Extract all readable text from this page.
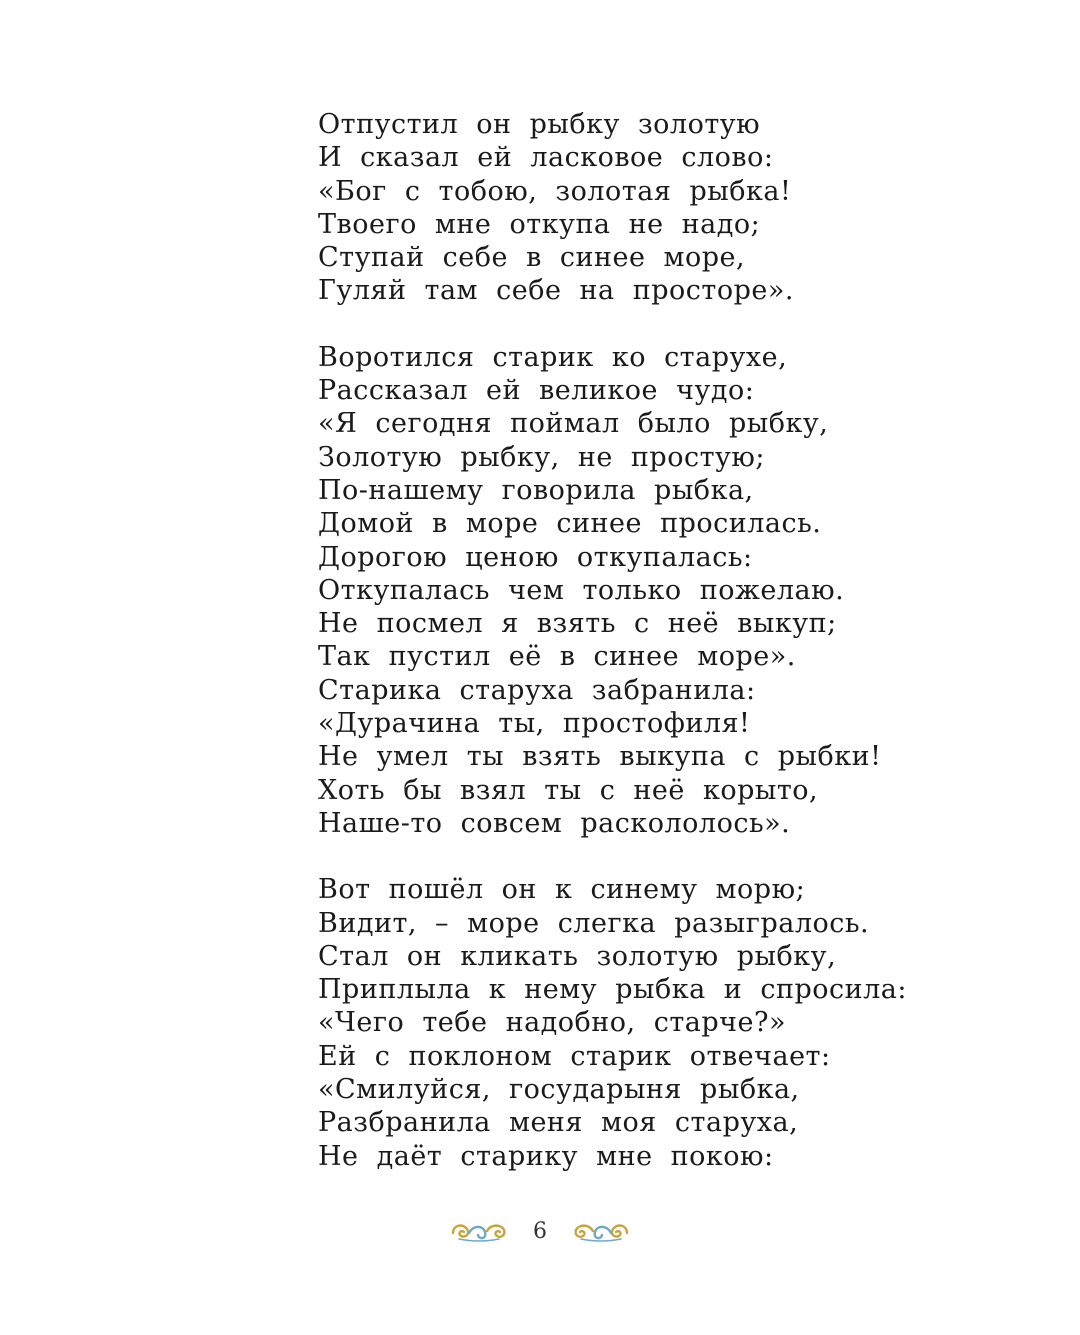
Отпустил он рыбку золотую
И сказал ей ласковое слово:
«Бог с тобою, золотая рыбка!
Твоего мне откупа не надо;
Ступай себе в синее море,
Гуляй там себе на просторе».
Воротился старик ко старухе,
Рассказал ей великое чудо:
«Я сегодня поймал было рыбку,
Золотую рыбку, не простую;
По-нашему говорила рыбка,
Домой в море синее просилась.
Дорогою ценою откупалась:
Откупалась чем только пожелаю.
Не посмел я взять с неё выкуп;
Так пустил её в синее море».
Старика старуха забранила:
«Дурачина ты, простофиля!
Не умел ты взять выкупа с рыбки!
Хоть бы взял ты с неё корыто,
Наше-то совсем раскололось».
Вот пошёл он к синему морю;
Видит, – море слегка разыгралось.
Стал он кликать золотую рыбку,
Приплыла к нему рыбка и спросила:
«Чего тебе надобно, старче?»
Ей с поклоном старик отвечает:
«Смилуйся, государыня рыбка,
Разбранила меня моя старуха,
Не даёт старику мне покою:
6
